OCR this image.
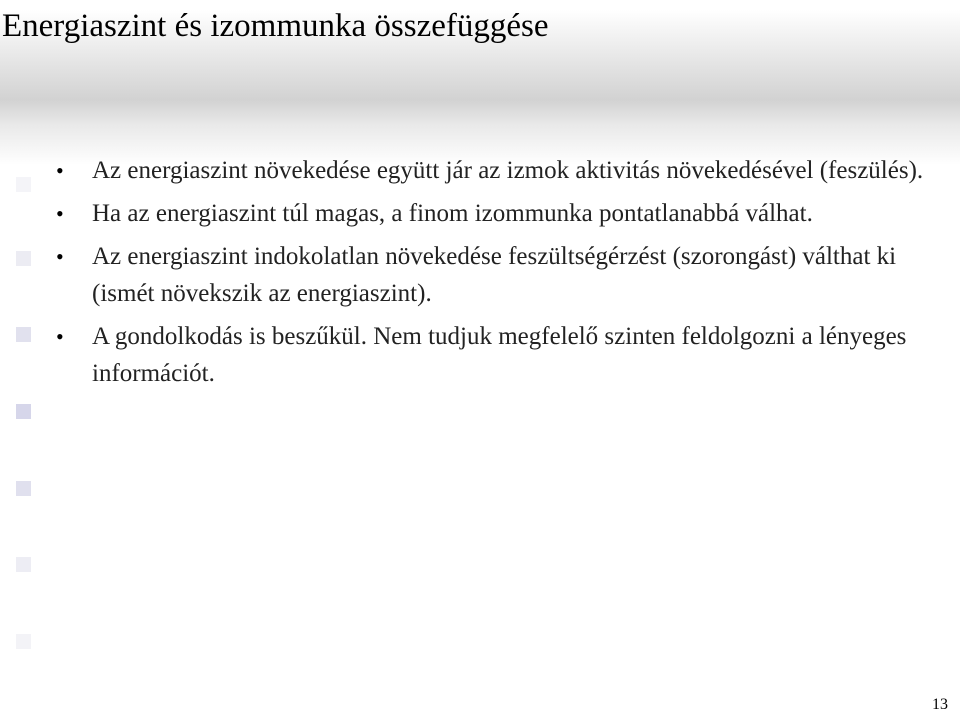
Energiaszint és izommunka összefüggése
• Az energiaszint növekedése együtt jár az izmok aktivitás növekedésével (feszülés).
• Ha az energiaszint túl magas, a finom izommunka pontatlanabbá válhat.
• Az energiaszint indokolatlan növekedése feszültségérzést (szorongást) válthat ki (ismét növekszik az energiaszint).
• A gondolkodás is beszűkül. Nem tudjuk megfelelő szinten feldolgozni a lényeges információt.
13
